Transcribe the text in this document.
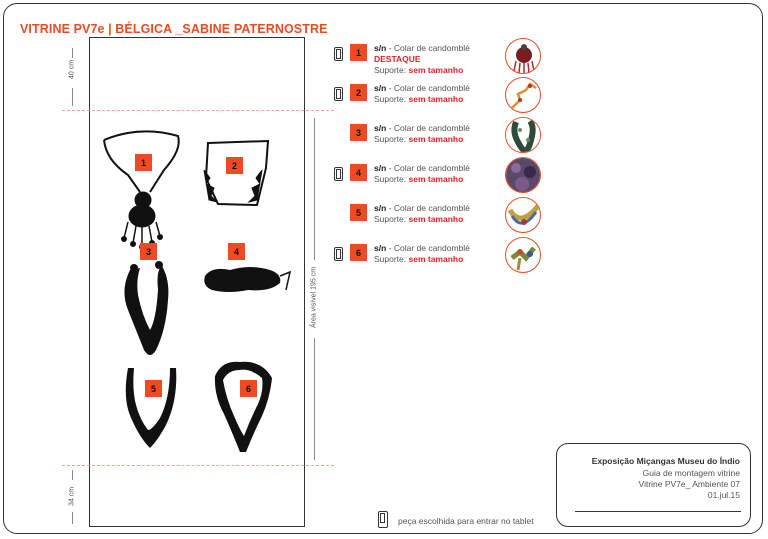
VITRINE PV7e | BÉLGICA _SABINE PATERNOSTRE
40 cm
34 cm
Área visível 195 cm
1	2
3	4
5	6
1	s/n - Colar de candomblé
DESTAQUE
Suporte: sem tamanho
2	s/n - Colar de candomblé
Suporte: sem tamanho
3	s/n - Colar de candomblé
Suporte: sem tamanho
4	s/n - Colar de candomblé
Suporte: sem tamanho
5	s/n - Colar de candomblé
Suporte: sem tamanho
6	s/n - Colar de candomblé
Suporte: sem tamanho
Exposição Miçangas Museu do Índio
Guia de montagem vitrine
Vitrine PV7e_ Ambiente 07
01.jul.15
peça escolhida para entrar no tablet
